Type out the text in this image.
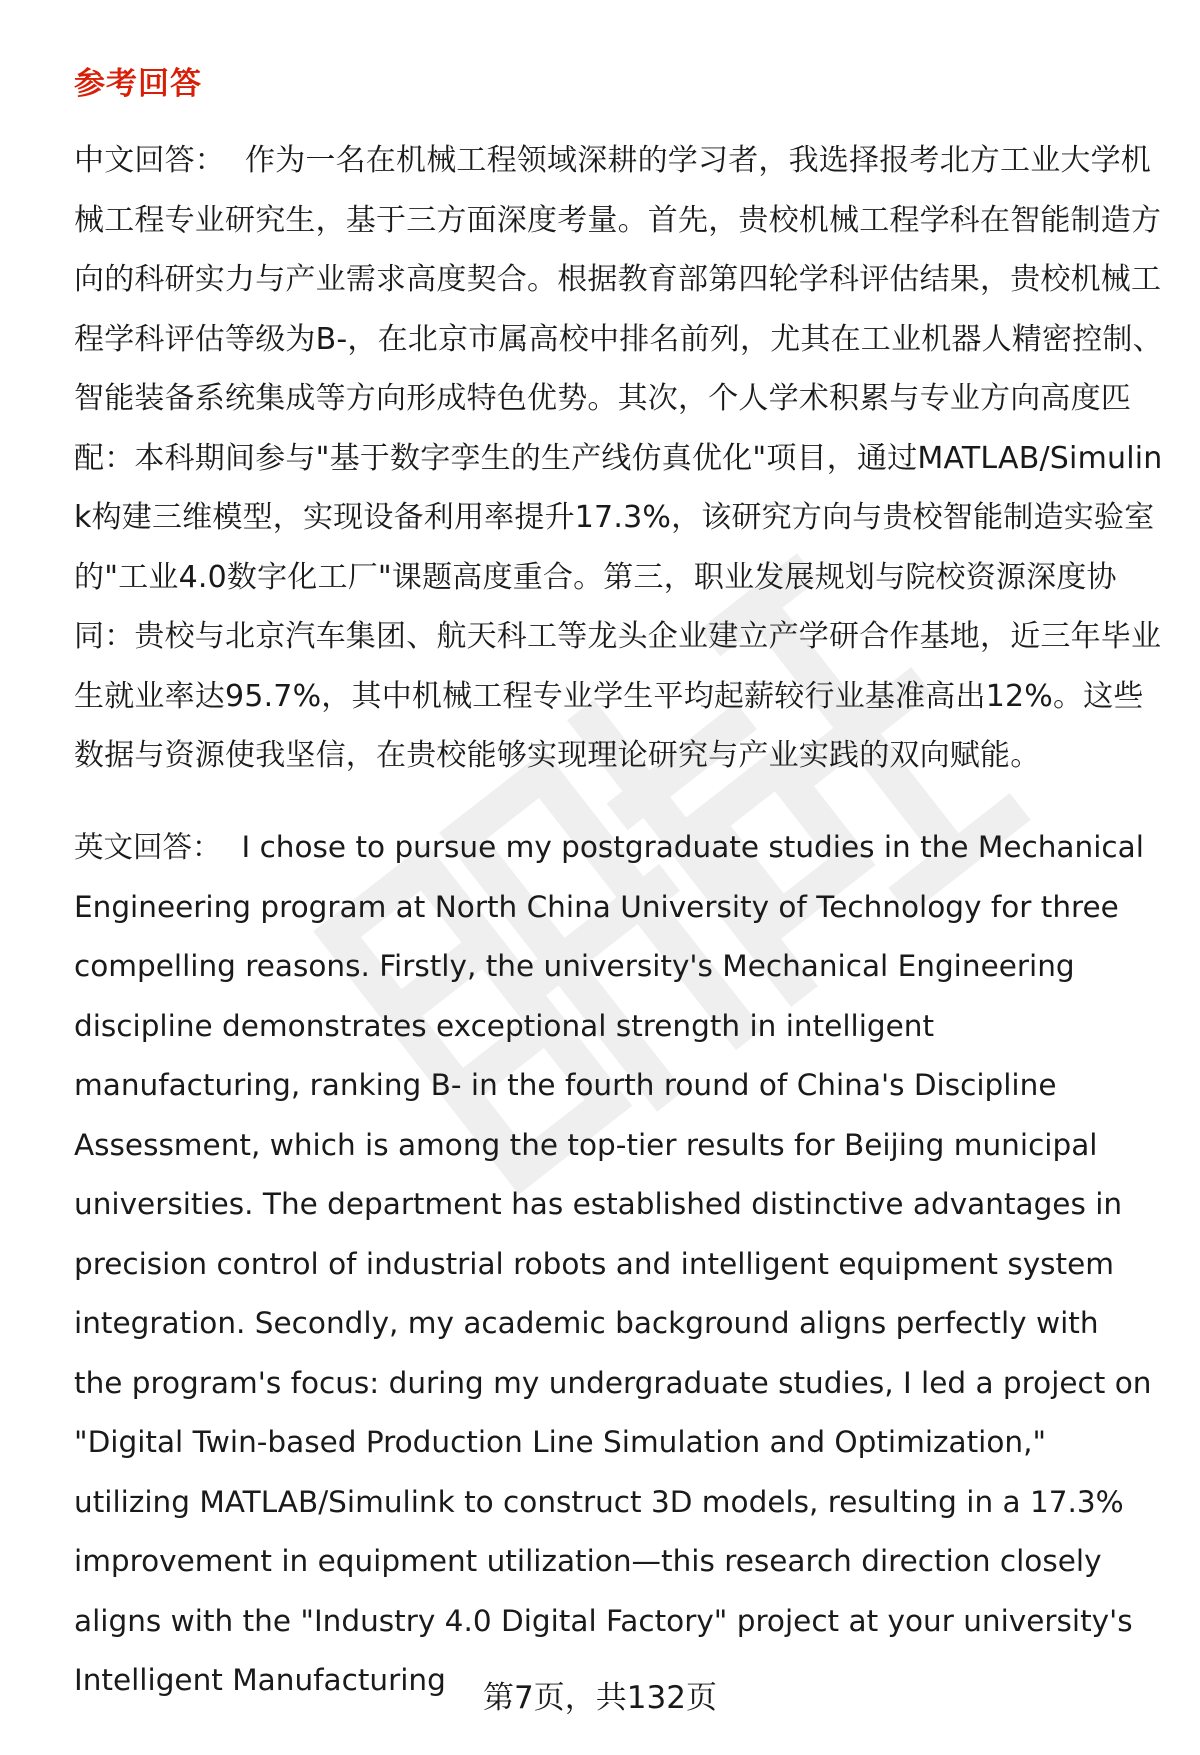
参考回答
中文回答： 作为一名在机械工程领域深耕的学习者，我选择报考北方工业大学机械工程专业研究生，基于三方面深度考量。首先，贵校机械工程学科在智能制造方向的科研实力与产业需求高度契合。根据教育部第四轮学科评估结果，贵校机械工程学科评估等级为B-，在北京市属高校中排名前列，尤其在工业机器人精密控制、智能装备系统集成等方向形成特色优势。其次，个人学术积累与专业方向高度匹配：本科期间参与"基于数字孪生的生产线仿真优化"项目，通过MATLAB/Simulink构建三维模型，实现设备利用率提升17.3%，该研究方向与贵校智能制造实验室的"工业4.0数字化工厂"课题高度重合。第三，职业发展规划与院校资源深度协同：贵校与北京汽车集团、航天科工等龙头企业建立产学研合作基地，近三年毕业生就业率达95.7%，其中机械工程专业学生平均起薪较行业基准高出12%。这些数据与资源使我坚信，在贵校能够实现理论研究与产业实践的双向赋能。
英文回答： I chose to pursue my postgraduate studies in the Mechanical Engineering program at North China University of Technology for three compelling reasons. Firstly, the university's Mechanical Engineering discipline demonstrates exceptional strength in intelligent manufacturing, ranking B- in the fourth round of China's Discipline Assessment, which is among the top-tier results for Beijing municipal universities. The department has established distinctive advantages in precision control of industrial robots and intelligent equipment system integration. Secondly, my academic background aligns perfectly with the program's focus: during my undergraduate studies, I led a project on "Digital Twin-based Production Line Simulation and Optimization," utilizing MATLAB/Simulink to construct 3D models, resulting in a 17.3% improvement in equipment utilization—this research direction closely aligns with the "Industry 4.0 Digital Factory" project at your university's Intelligent Manufacturing	第7页，共132页
